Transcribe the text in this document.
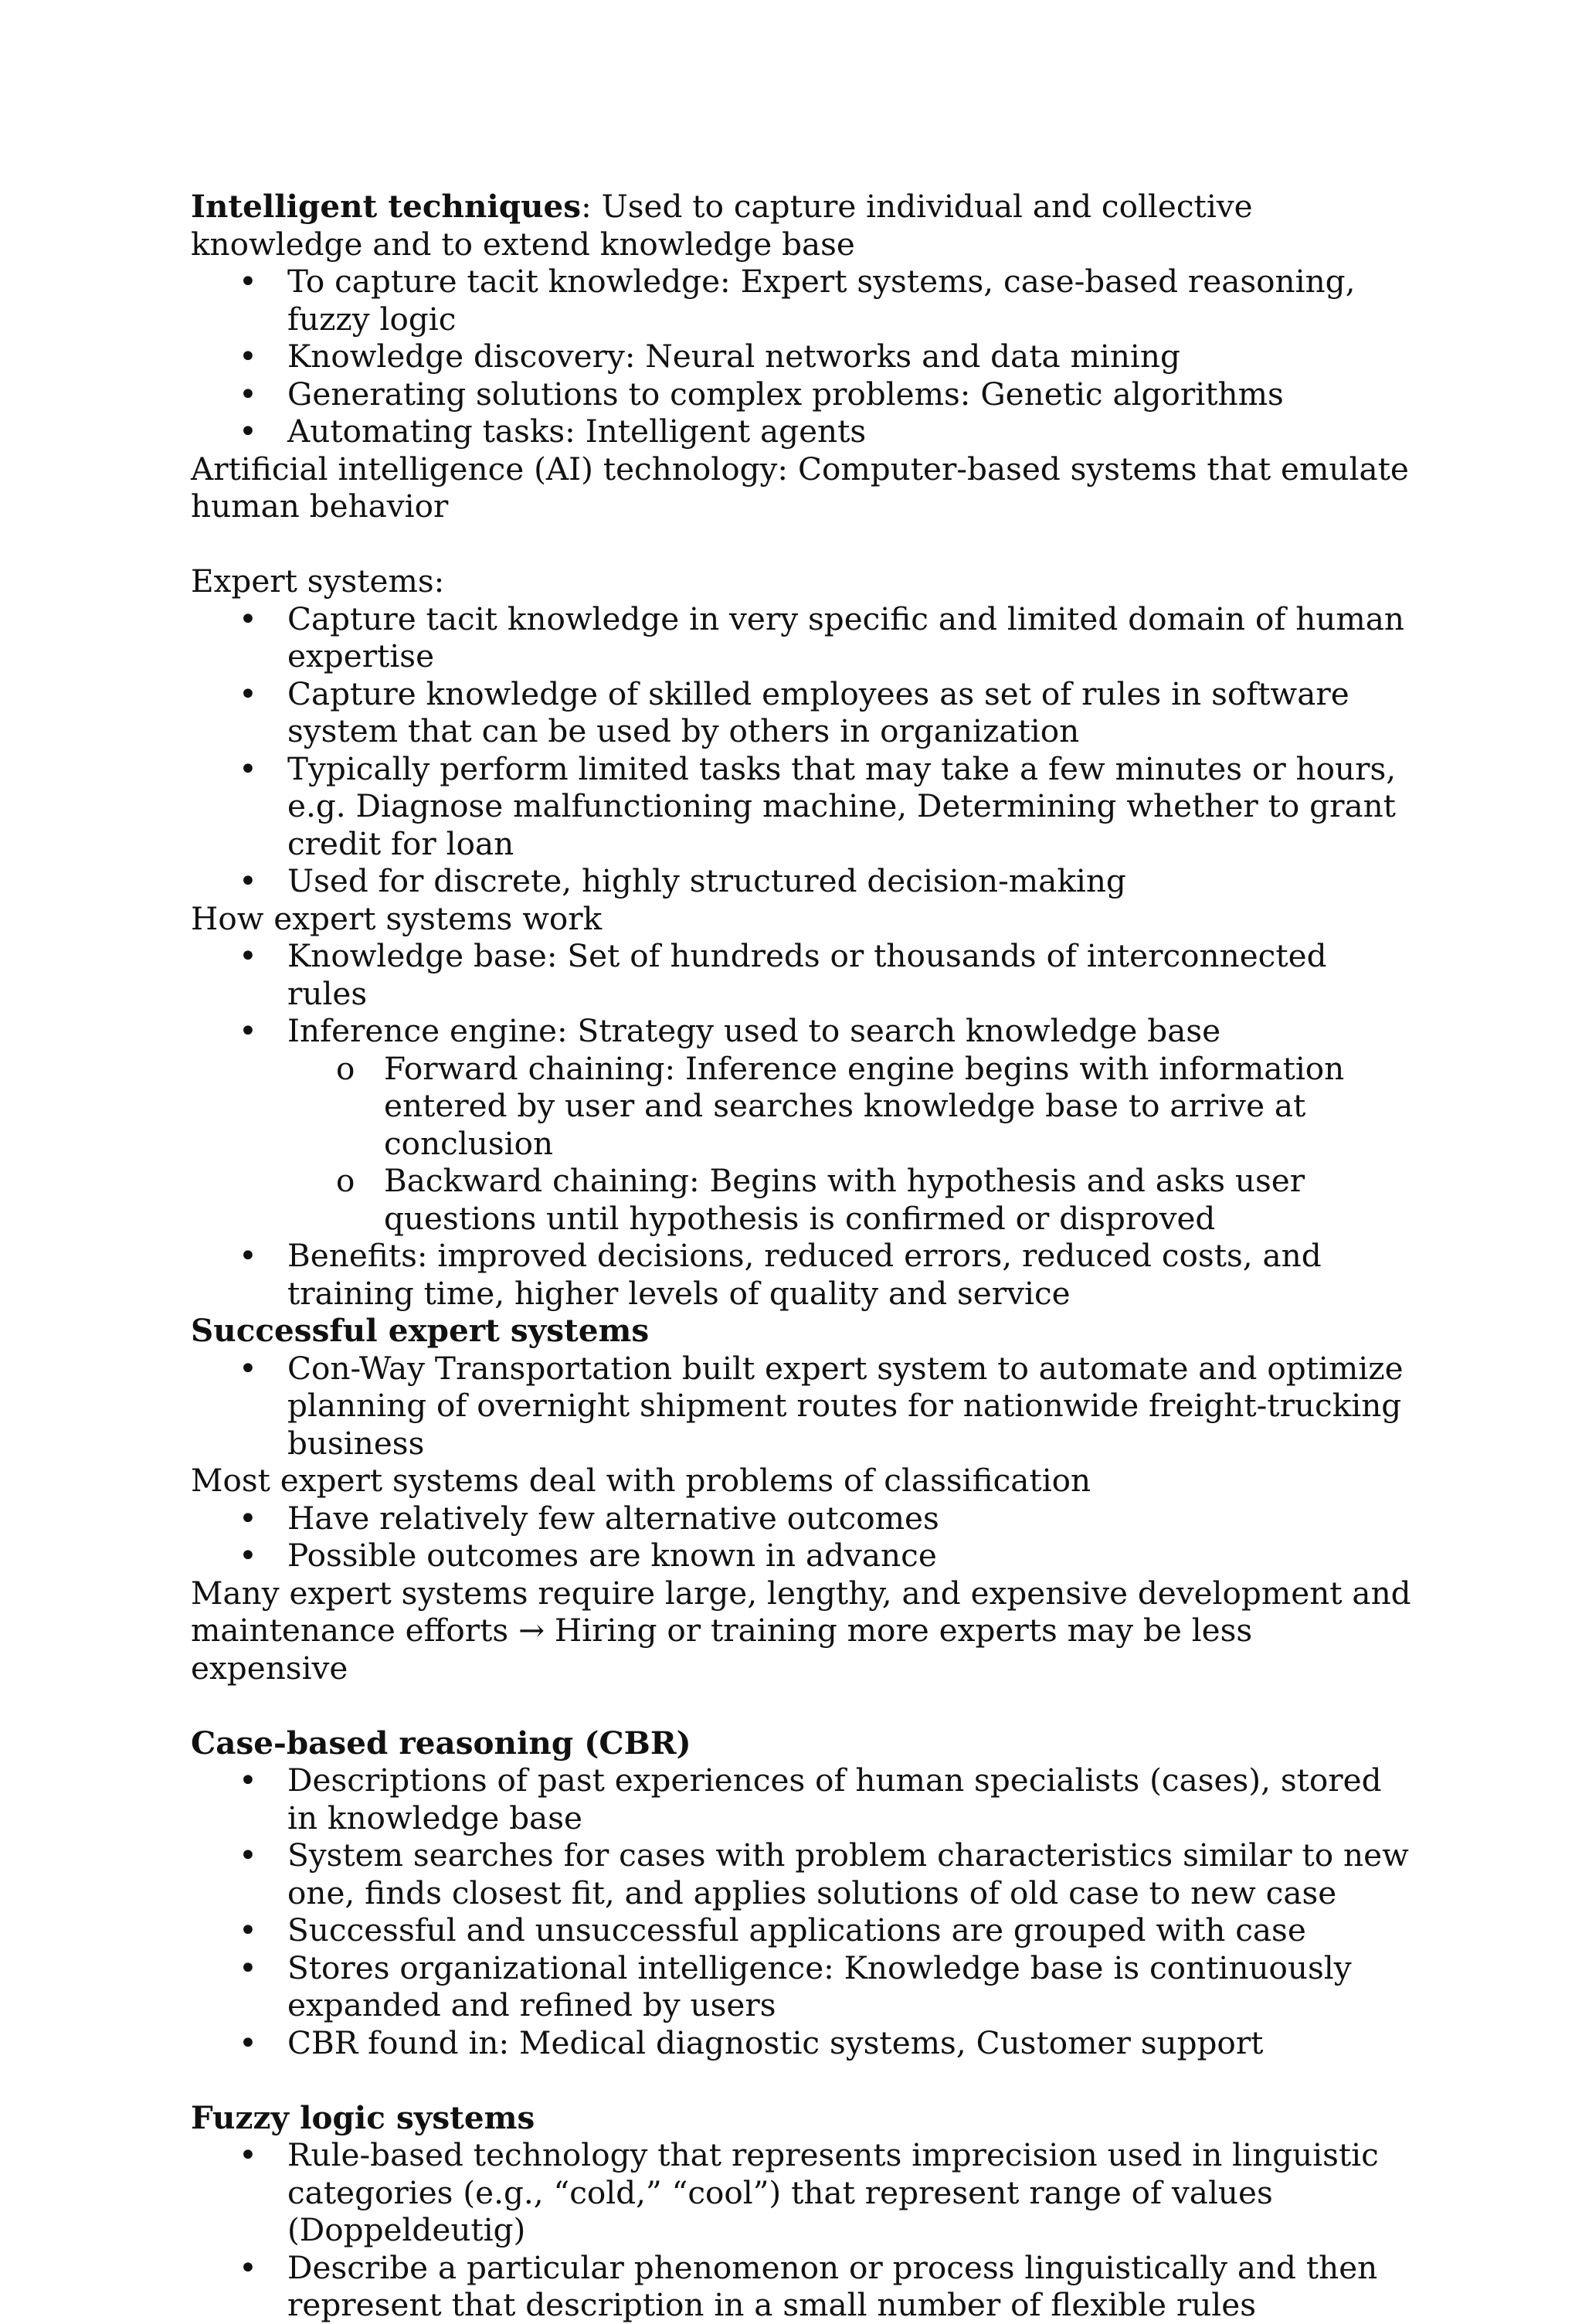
Intelligent techniques: Used to capture individual and collective knowledge and to extend knowledge base

• To capture tacit knowledge: Expert systems, case-based reasoning, fuzzy logic
• Knowledge discovery: Neural networks and data mining
• Generating solutions to complex problems: Genetic algorithms
• Automating tasks: Intelligent agents

Artificial intelligence (AI) technology: Computer-based systems that emulate human behavior

Expert systems:

• Capture tacit knowledge in very specific and limited domain of human expertise
• Capture knowledge of skilled employees as set of rules in software system that can be used by others in organization
• Typically perform limited tasks that may take a few minutes or hours, e.g. Diagnose malfunctioning machine, Determining whether to grant credit for loan
• Used for discrete, highly structured decision-making

How expert systems work

• Knowledge base: Set of hundreds or thousands of interconnected rules
• Inference engine: Strategy used to search knowledge base
o Forward chaining: Inference engine begins with information entered by user and searches knowledge base to arrive at conclusion
o Backward chaining: Begins with hypothesis and asks user questions until hypothesis is confirmed or disproved
• Benefits: improved decisions, reduced errors, reduced costs, and training time, higher levels of quality and service

Successful expert systems

• Con-Way Transportation built expert system to automate and optimize planning of overnight shipment routes for nationwide freight-trucking business

Most expert systems deal with problems of classification

• Have relatively few alternative outcomes
• Possible outcomes are known in advance

Many expert systems require large, lengthy, and expensive development and maintenance efforts → Hiring or training more experts may be less expensive

Case-based reasoning (CBR)

• Descriptions of past experiences of human specialists (cases), stored in knowledge base
• System searches for cases with problem characteristics similar to new one, finds closest fit, and applies solutions of old case to new case
• Successful and unsuccessful applications are grouped with case
• Stores organizational intelligence: Knowledge base is continuously expanded and refined by users
• CBR found in: Medical diagnostic systems, Customer support

Fuzzy logic systems

• Rule-based technology that represents imprecision used in linguistic categories (e.g., “cold,” “cool”) that represent range of values (Doppeldeutig)
• Describe a particular phenomenon or process linguistically and then represent that description in a small number of flexible rules
